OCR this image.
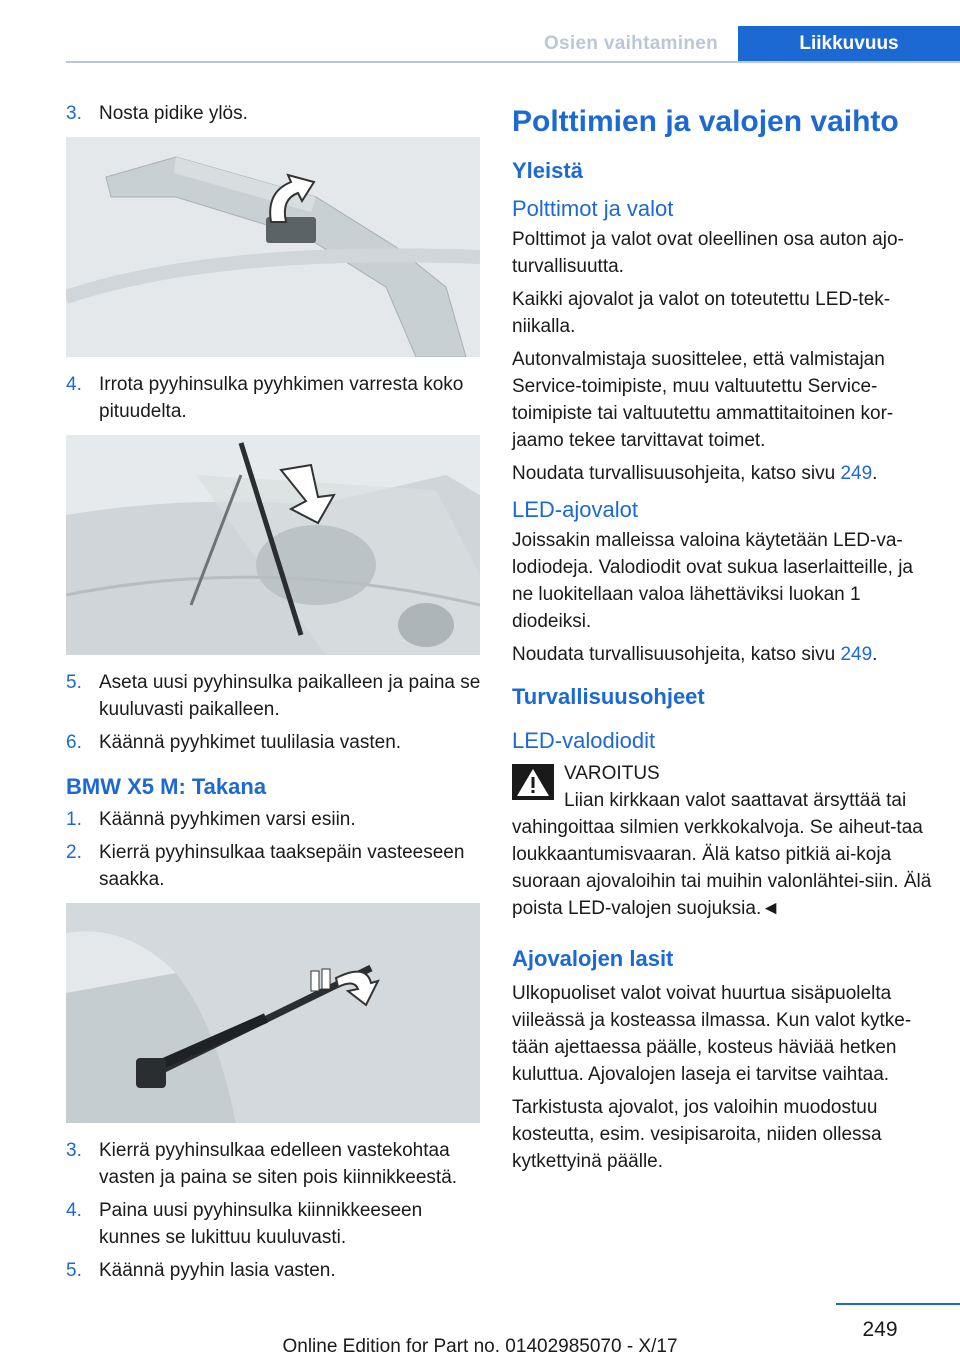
Osien vaihtaminen	Liikkuvuus
3. Nosta pidike ylös.
4. Irrota pyyhinsulka pyyhkimen varresta koko pituudelta.
5. Aseta uusi pyyhinsulka paikalleen ja paina se kuuluvasti paikalleen.
6. Käännä pyyhkimet tuulilasia vasten.
BMW X5 M: Takana
1. Käännä pyyhkimen varsi esiin.
2. Kierrä pyyhinsulkaa taaksepäin vasteeseen saakka.
3. Kierrä pyyhinsulkaa edelleen vastekohtaa vasten ja paina se siten pois kiinnikkeestä.
4. Paina uusi pyyhinsulka kiinnikkeeseen kunnes se lukittuu kuuluvasti.
5. Käännä pyyhin lasia vasten.
Polttimien ja valojen vaihto
Yleistä
Polttimot ja valot

Polttimot ja valot ovat oleellinen osa auton ajo-turvallisuutta.

Kaikki ajovalot ja valot on toteutettu LED-tek-niikalla.

Autonvalmistaja suosittelee, että valmistajan Service-toimipiste, muu valtuutettu Service-toimipiste tai valtuutettu ammattitaitoinen kor-jaamo tekee tarvittavat toimet.

Noudata turvallisuusohjeita, katso sivu 249.

LED-ajovalot

Joissakin malleissa valoina käytetään LED-va-lodiodeja. Valodiodit ovat sukua laserlaitteille, ja ne luokitellaan valoa lähettäviksi luokan 1 diodeiksi.

Noudata turvallisuusohjeita, katso sivu 249.

Turvallisuusohjeet
LED-valodiodit
VAROITUS
Liian kirkkaan valot saattavat ärsyttää tai
vahingoittaa silmien verkkokalvoja. Se aiheut-taa loukkaantumisvaaran. Älä katso pitkiä ai-koja suoraan ajovaloihin tai muihin valonlähtei-siin. Älä poista LED-valojen suojuksia.◄
Ajovalojen lasit

Ulkopuoliset valot voivat huurtua sisäpuolelta viileässä ja kosteassa ilmassa. Kun valot kytke-tään ajettaessa päälle, kosteus häviää hetken kuluttua. Ajovalojen laseja ei tarvitse vaihtaa.

Tarkistusta ajovalot, jos valoihin muodostuu kosteutta, esim. vesipisaroita, niiden ollessa kytkettyinä päälle.

249
Online Edition for Part no. 01402985070 - X/17
